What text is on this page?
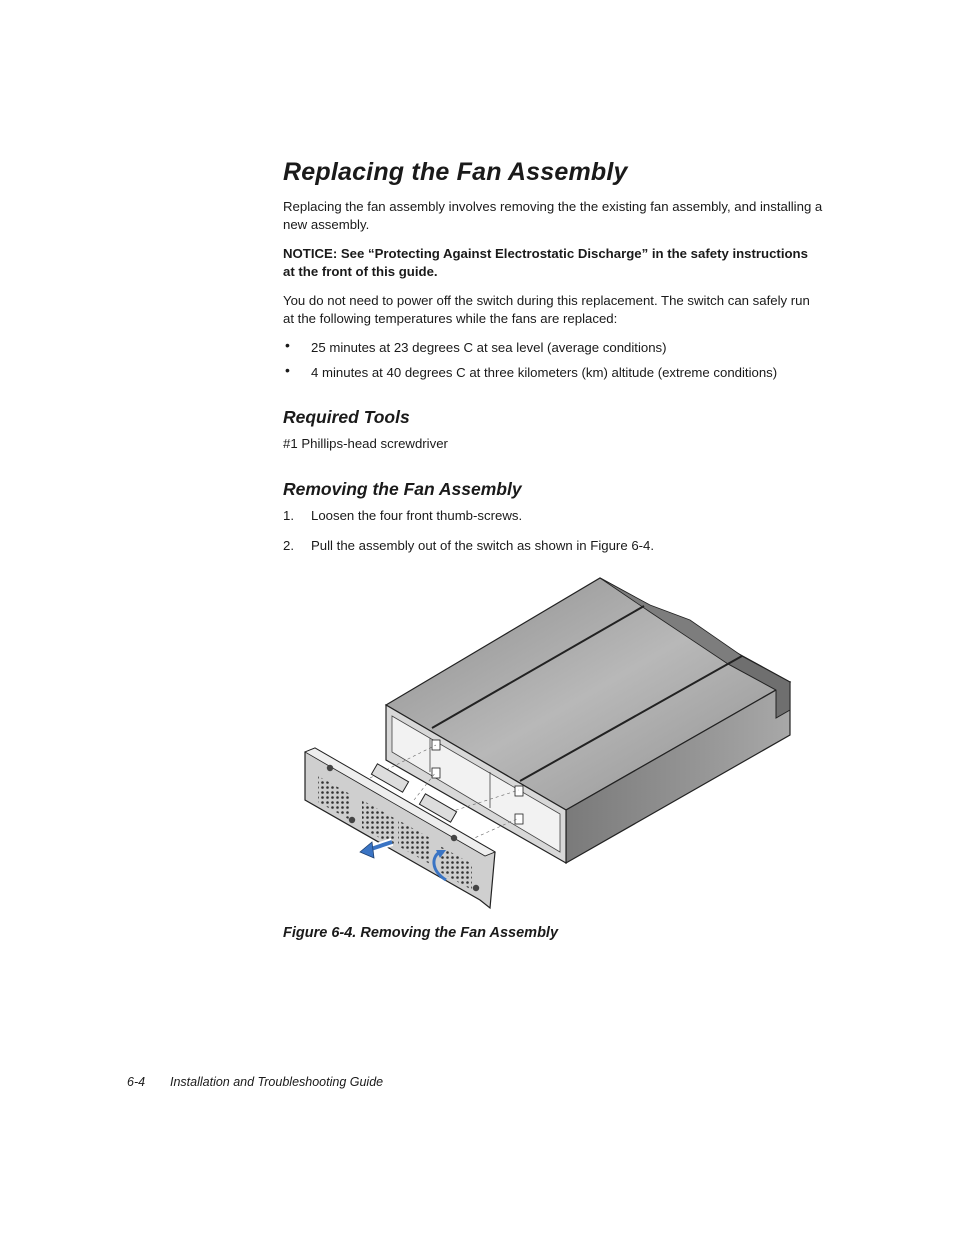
Replacing the Fan Assembly

Replacing the fan assembly involves removing the the existing fan assembly, and installing a new assembly.

NOTICE: See “Protecting Against Electrostatic Discharge” in the safety instructions at the front of this guide.

You do not need to power off the switch during this replacement. The switch can safely run at the following temperatures while the fans are replaced:

• 25 minutes at 23 degrees C at sea level (average conditions)
• 4 minutes at 40 degrees C at three kilometers (km) altitude (extreme conditions)
Required Tools

#1 Phillips-head screwdriver

Removing the Fan Assembly
1. Loosen the four front thumb-screws.
2. Pull the assembly out of the switch as shown in Figure 6-4.

Figure 6-4. Removing the Fan Assembly

6-4 Installation and Troubleshooting Guide
